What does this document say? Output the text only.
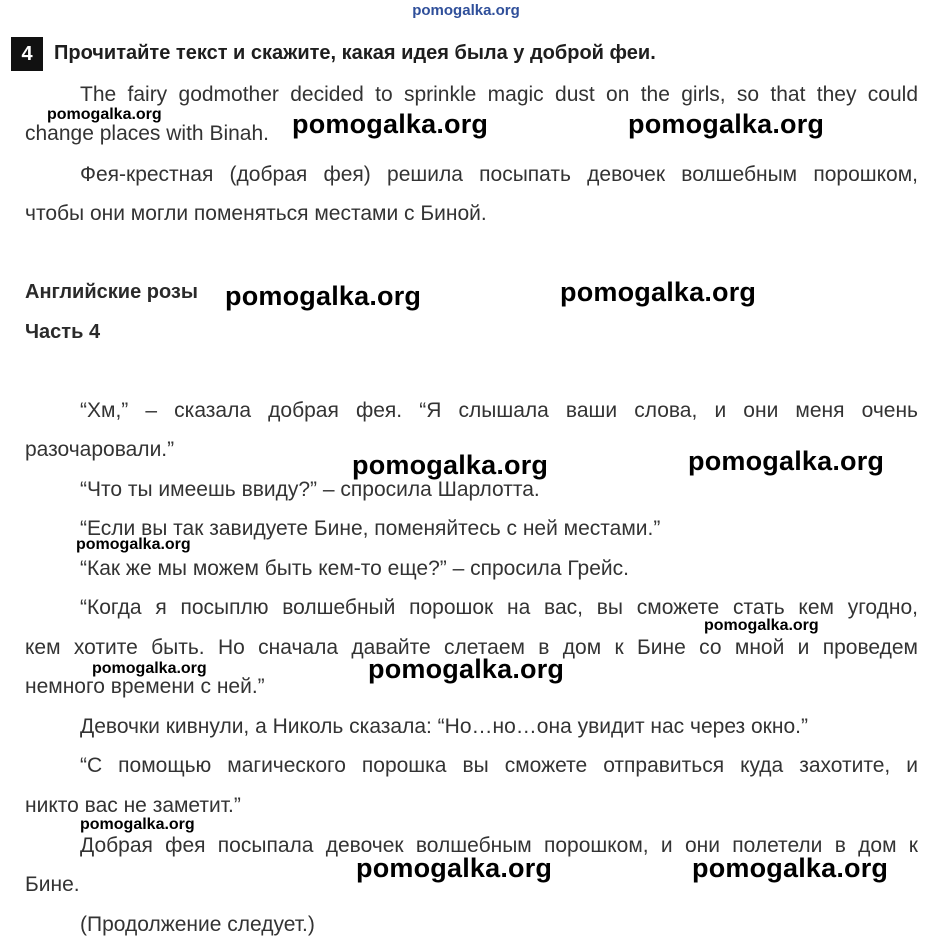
pomogalka.org
4	Прочитайте текст и скажите, какая идея была у доброй феи.
The fairy godmother decided to sprinkle magic dust on the girls, so that they could
change places with Binah.
Фея-крестная (добрая фея) решила посыпать девочек волшебным порошком,
чтобы они могли поменяться местами с Биной.
Английские розы
Часть 4
“Хм,” – сказала добрая фея. “Я слышала ваши слова, и они меня очень
разочаровали.”
“Что ты имеешь ввиду?” – спросила Шарлотта.
“Если вы так завидуете Бине, поменяйтесь с ней местами.”
“Как же мы можем быть кем-то еще?” – спросила Грейс.
“Когда я посыплю волшебный порошок на вас, вы сможете стать кем угодно,
кем хотите быть. Но сначала давайте слетаем в дом к Бине со мной и проведем
немного времени с ней.”
Девочки кивнули, а Николь сказала: “Но…но…она увидит нас через окно.”
“С помощью магического порошка вы сможете отправиться куда захотите, и
никто вас не заметит.”
Добрая фея посыпала девочек волшебным порошком, и они полетели в дом к
Бине.
(Продолжение следует.)
pomogalka.org	pomogalka.org	pomogalka.org
pomogalka.org	pomogalka.org
pomogalka.org	pomogalka.org
pomogalka.org
pomogalka.org
pomogalka.org	pomogalka.org
pomogalka.org
pomogalka.org	pomogalka.org
